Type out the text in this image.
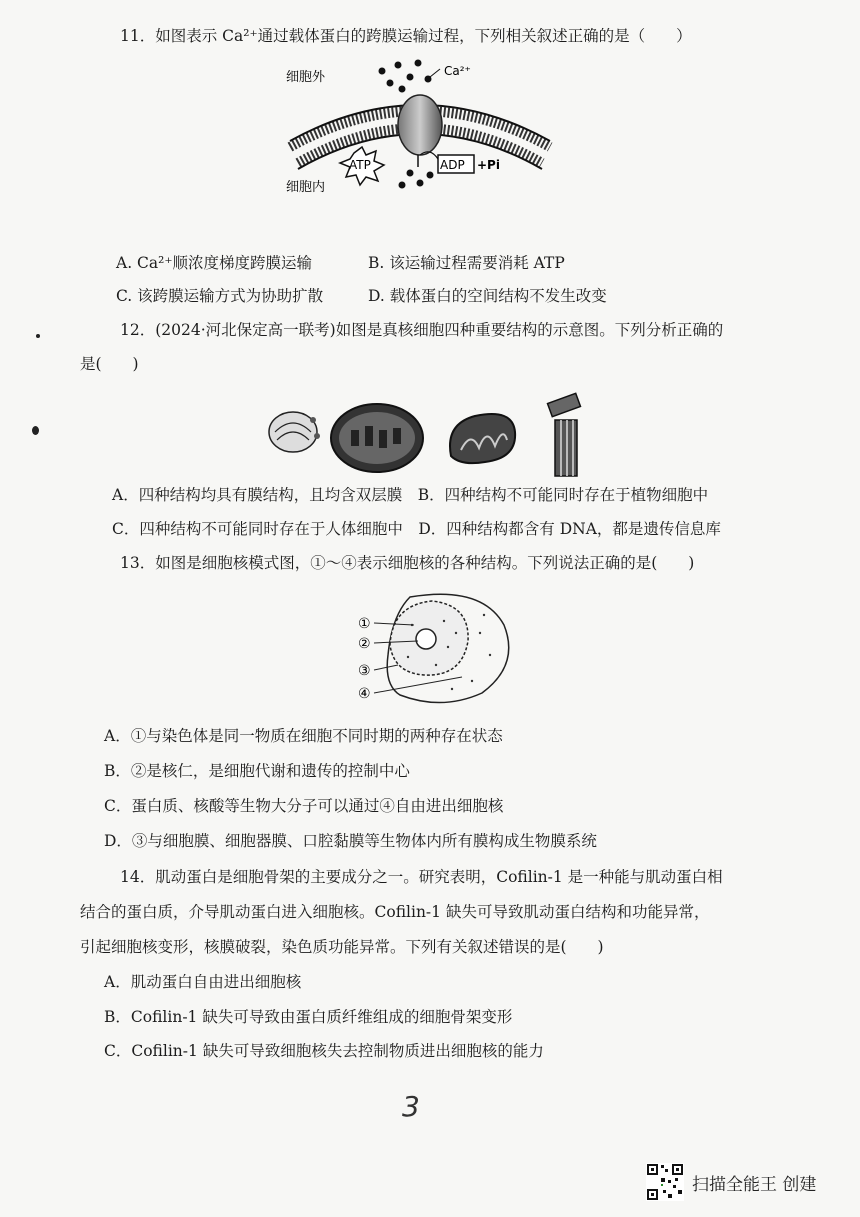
11．如图表示 Ca²⁺通过载体蛋白的跨膜运输过程，下列相关叙述正确的是（　　）
细胞外
细胞内
Ca²⁺
ATP	ADP +Pi
A. Ca²⁺顺浓度梯度跨膜运输	B. 该运输过程需要消耗 ATP
C. 该跨膜运输方式为协助扩散	D. 载体蛋白的空间结构不发生改变
12．(2024·河北保定高一联考)如图是真核细胞四种重要结构的示意图。下列分析正确的
是(　　)
A．四种结构均具有膜结构，且均含双层膜　B．四种结构不可能同时存在于植物细胞中
C．四种结构不可能同时存在于人体细胞中　D．四种结构都含有 DNA，都是遗传信息库
13．如图是细胞核模式图，①～④表示细胞核的各种结构。下列说法正确的是(　　)
①
②
③
④
A．①与染色体是同一物质在细胞不同时期的两种存在状态
B．②是核仁，是细胞代谢和遗传的控制中心
C．蛋白质、核酸等生物大分子可以通过④自由进出细胞核
D．③与细胞膜、细胞器膜、口腔黏膜等生物体内所有膜构成生物膜系统
14．肌动蛋白是细胞骨架的主要成分之一。研究表明，Cofilin-1 是一种能与肌动蛋白相
结合的蛋白质，介导肌动蛋白进入细胞核。Cofilin-1 缺失可导致肌动蛋白结构和功能异常，
引起细胞核变形，核膜破裂，染色质功能异常。下列有关叙述错误的是(　　)
A．肌动蛋白自由进出细胞核
B．Cofilin-1 缺失可导致由蛋白质纤维组成的细胞骨架变形
C．Cofilin-1 缺失可导致细胞核失去控制物质进出细胞核的能力
3
扫描全能王 创建
